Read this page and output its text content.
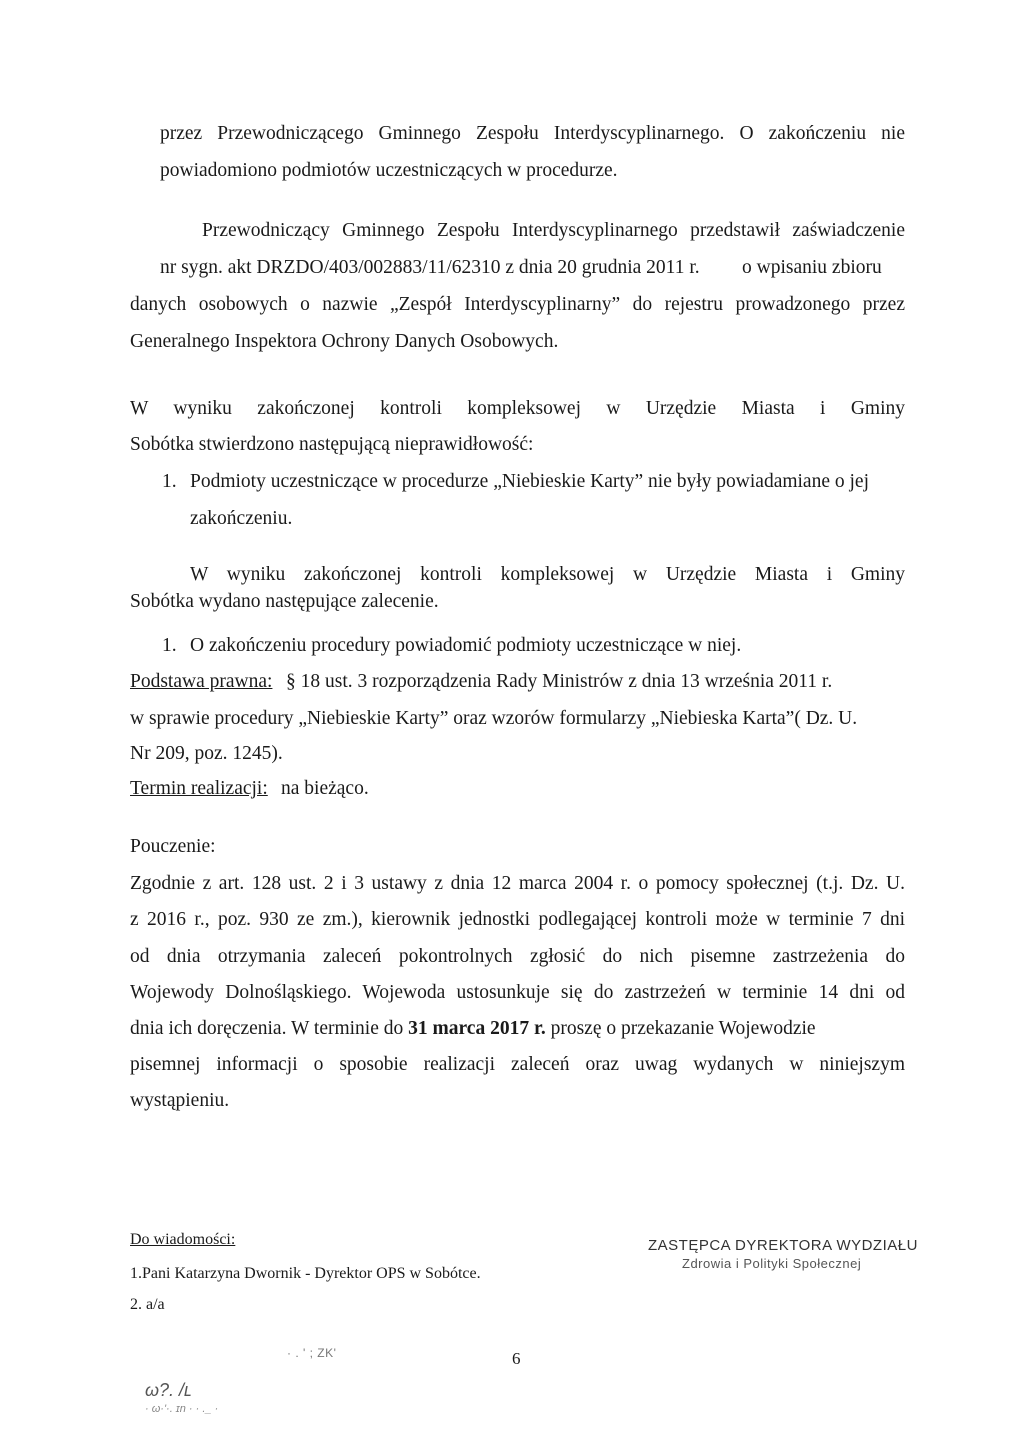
przez Przewodniczącego Gminnego Zespołu Interdyscyplinarnego. O zakończeniu nie
powiadomiono podmiotów uczestniczących w procedurze.
Przewodniczący Gminnego Zespołu Interdyscyplinarnego przedstawił zaświadczenie
nr sygn. akt DRZDO/403/002883/11/62310 z dnia 20 grudnia 2011 r. o wpisaniu zbioru
danych osobowych o nazwie „Zespół Interdyscyplinarny” do rejestru prowadzonego przez
Generalnego Inspektora Ochrony Danych Osobowych.
W wyniku zakończonej kontroli kompleksowej w Urzędzie Miasta i Gminy
Sobótka stwierdzono następującą nieprawidłowość:
1. Podmioty uczestniczące w procedurze „Niebieskie Karty” nie były powiadamiane o jej
zakończeniu.
W wyniku zakończonej kontroli kompleksowej w Urzędzie Miasta i Gminy
Sobótka wydano następujące zalecenie.
1. O zakończeniu procedury powiadomić podmioty uczestniczące w niej.
Podstawa prawna: § 18 ust. 3 rozporządzenia Rady Ministrów z dnia 13 września 2011 r.
w sprawie procedury „Niebieskie Karty” oraz wzorów formularzy „Niebieska Karta”( Dz. U.
Nr 209, poz. 1245).
Termin realizacji: na bieżąco.
Pouczenie:
Zgodnie z art. 128 ust. 2 i 3 ustawy z dnia 12 marca 2004 r. o pomocy społecznej (t.j. Dz. U.
z 2016 r., poz. 930 ze zm.), kierownik jednostki podlegającej kontroli może w terminie 7 dni
od dnia otrzymania zaleceń pokontrolnych zgłosić do nich pisemne zastrzeżenia do
Wojewody Dolnośląskiego. Wojewoda ustosunkuje się do zastrzeżeń w terminie 14 dni od
dnia ich doręczenia. W terminie do 31 marca 2017 r. proszę o przekazanie Wojewodzie
pisemnej informacji o sposobie realizacji zaleceń oraz uwag wydanych w niniejszym
wystąpieniu.
Do wiadomości:
1.Pani Katarzyna Dwornik - Dyrektor OPS w Sobótce.
2. a/a
ZASTĘPCA DYREKTORA WYDZIAŁU
Zdrowia i Polityki Społecznej
· . ' ; ZK'	6
ω?. /ʟ
· ω·'·. ɪn · · ._ ·
